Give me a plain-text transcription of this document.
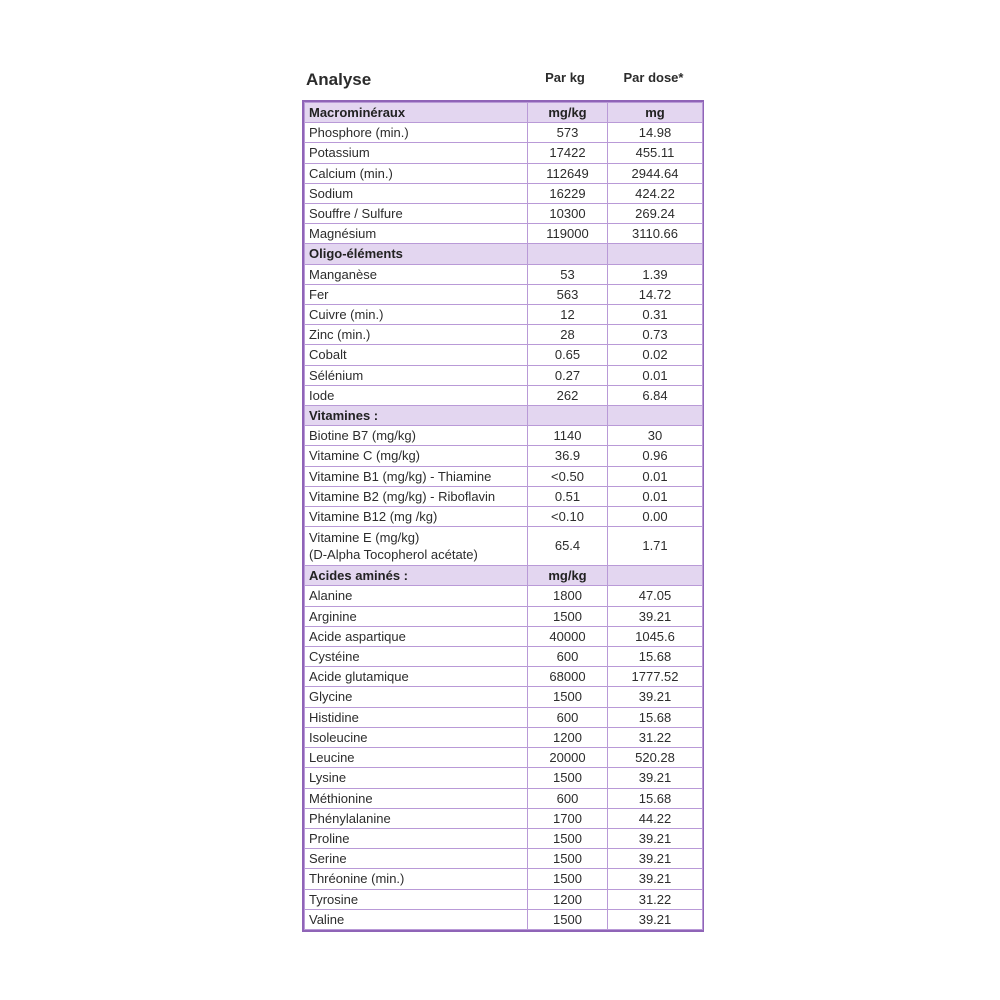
Analyse	Par kg	Par dose*
Macrominéraux	mg/kg	mg
Phosphore (min.)	573	14.98
Potassium	17422	455.11
Calcium (min.)	112649	2944.64
Sodium	16229	424.22
Souffre / Sulfure	10300	269.24
Magnésium	119000	3110.66
Oligo-éléments		
Manganèse	53	1.39
Fer	563	14.72
Cuivre (min.)	12	0.31
Zinc (min.)	28	0.73
Cobalt	0.65	0.02
Sélénium	0.27	0.01
Iode	262	6.84
Vitamines :		
Biotine B7 (mg/kg)	1140	30
Vitamine C (mg/kg)	36.9	0.96
Vitamine B1 (mg/kg) - Thiamine	<0.50	0.01
Vitamine B2 (mg/kg) - Riboflavin	0.51	0.01
Vitamine B12 (mg /kg)	<0.10	0.00
Vitamine E (mg/kg)
(D-Alpha Tocopherol acétate)	65.4	1.71
Acides aminés :	mg/kg	
Alanine	1800	47.05
Arginine	1500	39.21
Acide aspartique	40000	1045.6
Cystéine	600	15.68
Acide glutamique	68000	1777.52
Glycine	1500	39.21
Histidine	600	15.68
Isoleucine	1200	31.22
Leucine	20000	520.28
Lysine	1500	39.21
Méthionine	600	15.68
Phénylalanine	1700	44.22
Proline	1500	39.21
Serine	1500	39.21
Thréonine (min.)	1500	39.21
Tyrosine	1200	31.22
Valine	1500	39.21
